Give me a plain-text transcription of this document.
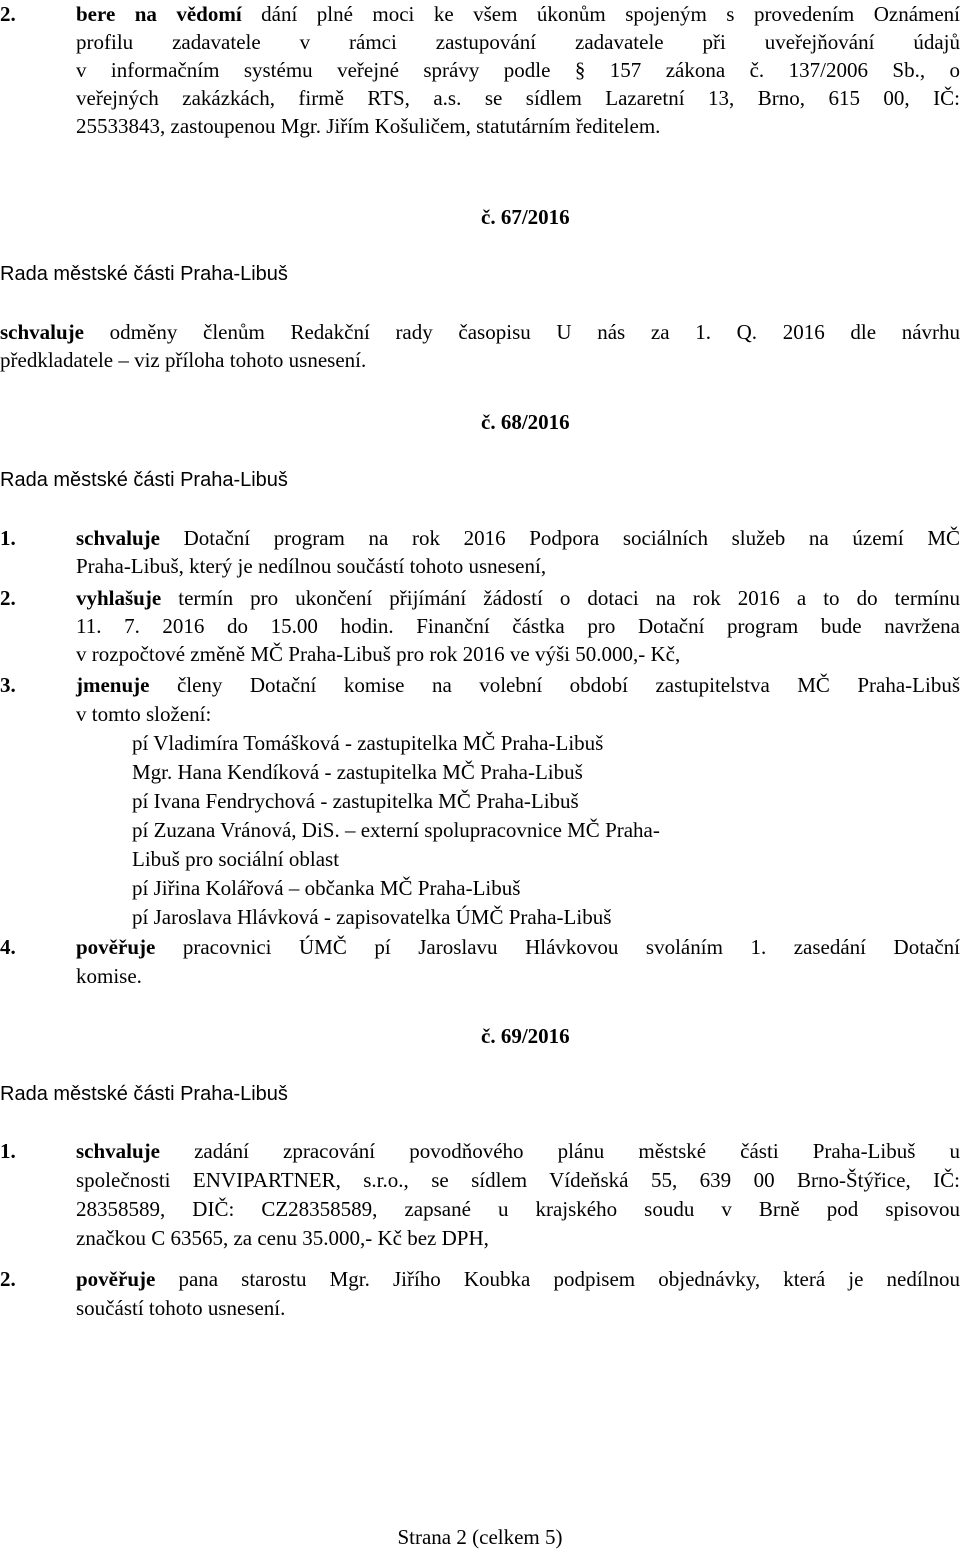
2.	bere na vědomí dání plné moci ke všem úkonům spojeným s provedením Oznámení
profilu zadavatele v rámci zastupování zadavatele při uveřejňování údajů
v informačním systému veřejné správy podle § 157 zákona č. 137/2006 Sb., o
veřejných zakázkách, firmě RTS, a.s. se sídlem Lazaretní 13, Brno, 615 00, IČ:
25533843, zastoupenou Mgr. Jiřím Košuličem, statutárním ředitelem.
č. 67/2016
Rada městské části Praha-Libuš
schvaluje odměny členům Redakční rady časopisu U nás za 1. Q. 2016 dle návrhu
předkladatele – viz příloha tohoto usnesení.
č. 68/2016
Rada městské části Praha-Libuš
1.	schvaluje Dotační program na rok 2016 Podpora sociálních služeb na území MČ
Praha-Libuš, který je nedílnou součástí tohoto usnesení,
2.	vyhlašuje termín pro ukončení přijímání žádostí o dotaci na rok 2016 a to do termínu
11. 7. 2016 do 15.00 hodin. Finanční částka pro Dotační program bude navržena
v rozpočtové změně MČ Praha-Libuš pro rok 2016 ve výši 50.000,- Kč,
3.	jmenuje členy Dotační komise na volební období zastupitelstva MČ Praha-Libuš
v tomto složení:
pí Vladimíra Tomášková - zastupitelka MČ Praha-Libuš
Mgr. Hana Kendíková - zastupitelka MČ Praha-Libuš
pí Ivana Fendrychová - zastupitelka MČ Praha-Libuš
pí Zuzana Vránová, DiS. – externí spolupracovnice MČ Praha-
Libuš pro sociální oblast
pí Jiřina Kolářová – občanka MČ Praha-Libuš
pí Jaroslava Hlávková - zapisovatelka ÚMČ Praha-Libuš
4.	pověřuje pracovnici ÚMČ pí Jaroslavu Hlávkovou svoláním 1. zasedání Dotační
komise.
č. 69/2016
Rada městské části Praha-Libuš
1.	schvaluje zadání zpracování povodňového plánu městské části Praha-Libuš u
společnosti ENVIPARTNER, s.r.o., se sídlem Vídeňská 55, 639 00 Brno-Štýřice, IČ:
28358589, DIČ: CZ28358589, zapsané u krajského soudu v Brně pod spisovou
značkou C 63565, za cenu 35.000,- Kč bez DPH,
2.	pověřuje pana starostu Mgr. Jiřího Koubka podpisem objednávky, která je nedílnou
součástí tohoto usnesení.
Strana 2 (celkem 5)
